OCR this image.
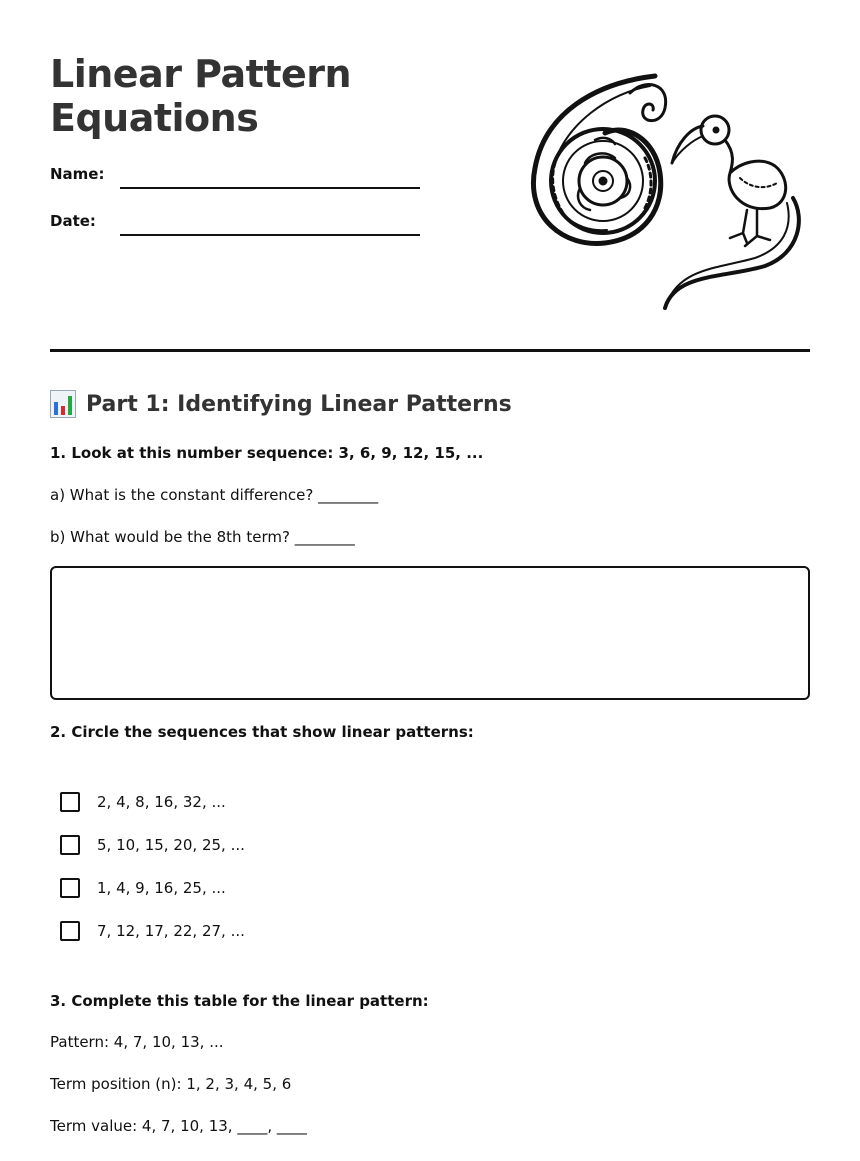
Linear Pattern Equations
Name:
Date:
Part 1: Identifying Linear Patterns

1. Look at this number sequence: 3, 6, 9, 12, 15, ...

a) What is the constant difference? ________

b) What would be the 8th term? ________

2. Circle the sequences that show linear patterns:

2, 4, 8, 16, 32, ...
5, 10, 15, 20, 25, ...
1, 4, 9, 16, 25, ...
7, 12, 17, 22, 27, ...

3. Complete this table for the linear pattern:

Pattern: 4, 7, 10, 13, ...

Term position (n): 1, 2, 3, 4, 5, 6

Term value: 4, 7, 10, 13, ____, ____
